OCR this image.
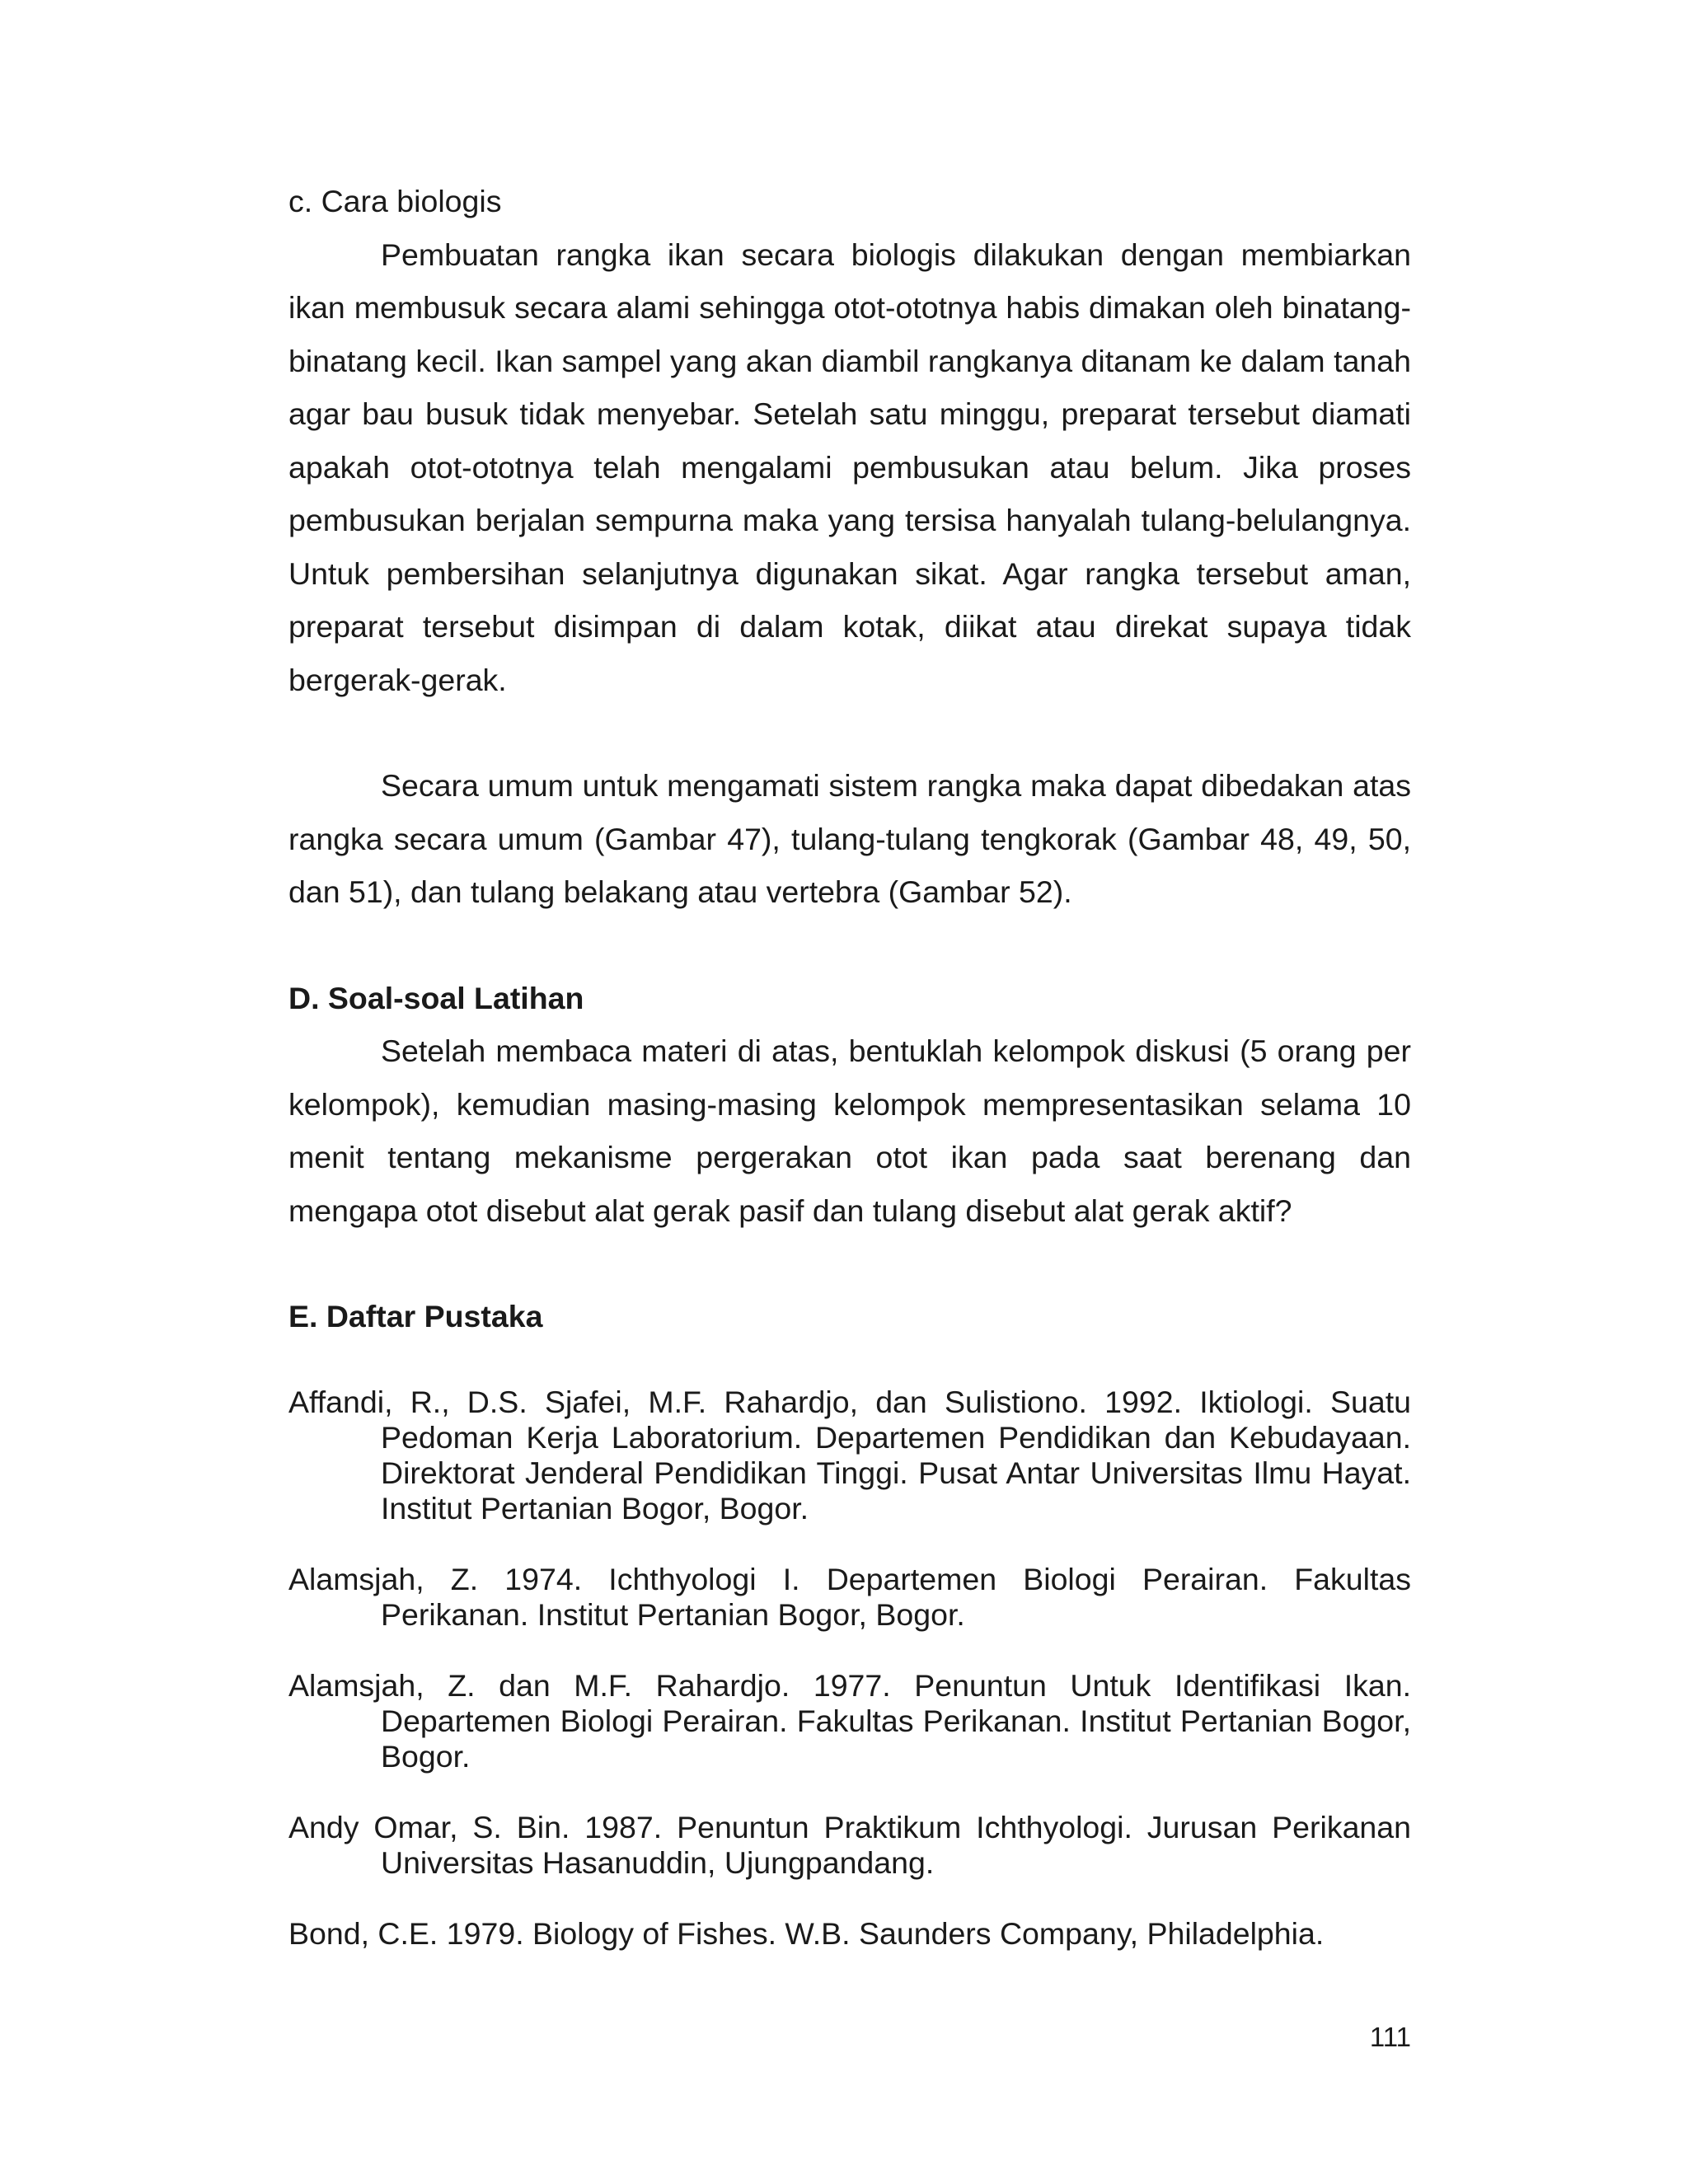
c. Cara biologis

Pembuatan rangka ikan secara biologis dilakukan dengan membiarkan ikan membusuk secara alami sehingga otot-ototnya habis dimakan oleh binatang-binatang kecil. Ikan sampel yang akan diambil rangkanya ditanam ke dalam tanah agar bau busuk tidak menyebar. Setelah satu minggu, preparat tersebut diamati apakah otot-ototnya telah mengalami pembusukan atau belum. Jika proses pembusukan berjalan sempurna maka yang tersisa hanyalah tulang-belulangnya. Untuk pembersihan selanjutnya digunakan sikat. Agar rangka tersebut aman, preparat tersebut disimpan di dalam kotak, diikat atau direkat supaya tidak bergerak-gerak.

Secara umum untuk mengamati sistem rangka maka dapat dibedakan atas rangka secara umum (Gambar 47), tulang-tulang tengkorak (Gambar 48, 49, 50, dan 51), dan tulang belakang atau vertebra (Gambar 52).

D. Soal-soal Latihan

Setelah membaca materi di atas, bentuklah kelompok diskusi (5 orang per kelompok), kemudian masing-masing kelompok mempresentasikan selama 10 menit tentang mekanisme pergerakan otot ikan pada saat berenang dan mengapa otot disebut alat gerak pasif dan tulang disebut alat gerak aktif?

E. Daftar Pustaka

Affandi, R., D.S. Sjafei, M.F. Rahardjo, dan Sulistiono. 1992. Iktiologi. Suatu Pedoman Kerja Laboratorium. Departemen Pendidikan dan Kebudayaan. Direktorat Jenderal Pendidikan Tinggi. Pusat Antar Universitas Ilmu Hayat. Institut Pertanian Bogor, Bogor.

Alamsjah, Z. 1974. Ichthyologi I. Departemen Biologi Perairan. Fakultas Perikanan. Institut Pertanian Bogor, Bogor.

Alamsjah, Z. dan M.F. Rahardjo. 1977. Penuntun Untuk Identifikasi Ikan. Departemen Biologi Perairan. Fakultas Perikanan. Institut Pertanian Bogor, Bogor.

Andy Omar, S. Bin. 1987. Penuntun Praktikum Ichthyologi. Jurusan Perikanan Universitas Hasanuddin, Ujungpandang.

Bond, C.E. 1979. Biology of Fishes. W.B. Saunders Company, Philadelphia.

111
